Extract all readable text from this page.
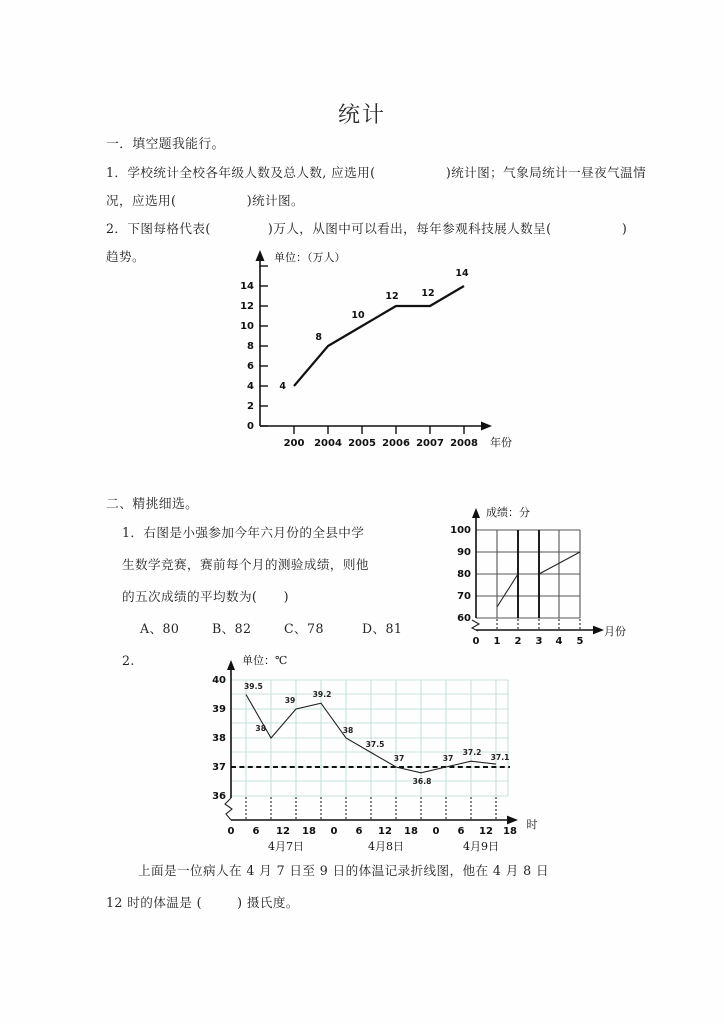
统计
一．填空题我能行。
1．学校统计全校各年级人数及总人数, 应选用(                )统计图；气象局统计一昼夜气温情
况，应选用(                )统计图。
2．下图每格代表(             )万人，从图中可以看出，每年参观科技展人数呈(                )
趋势。
0
2
4
6
8
10
12
14
200 2004 2005 2006 2007 2008
单位：（万人）
年份
4
8
10
12 12
14
二、精挑细选。
1．右图是小强参加今年六月份的全县中学
生数学竞赛，赛前每个月的测验成绩，则他
的五次成绩的平均数为(      )
A、80	B、82	C、78	D、81
60
70
80
90
100
0 1 2 3 4 5
成绩：分
月份
2.
36
37
38
39
40
0 6 12 18 0 6 12 18 0 6 12 18
4月7日	4月8日	4月9日
单位：℃
时
39.5
38
39
39.2
38
37.5
37
36.8
37
37.2
37.1
上面是一位病人在 4 月 7 日至 9 日的体温记录折线图，他在 4 月 8 日
12 时的体温是 (        ) 摄氏度。
